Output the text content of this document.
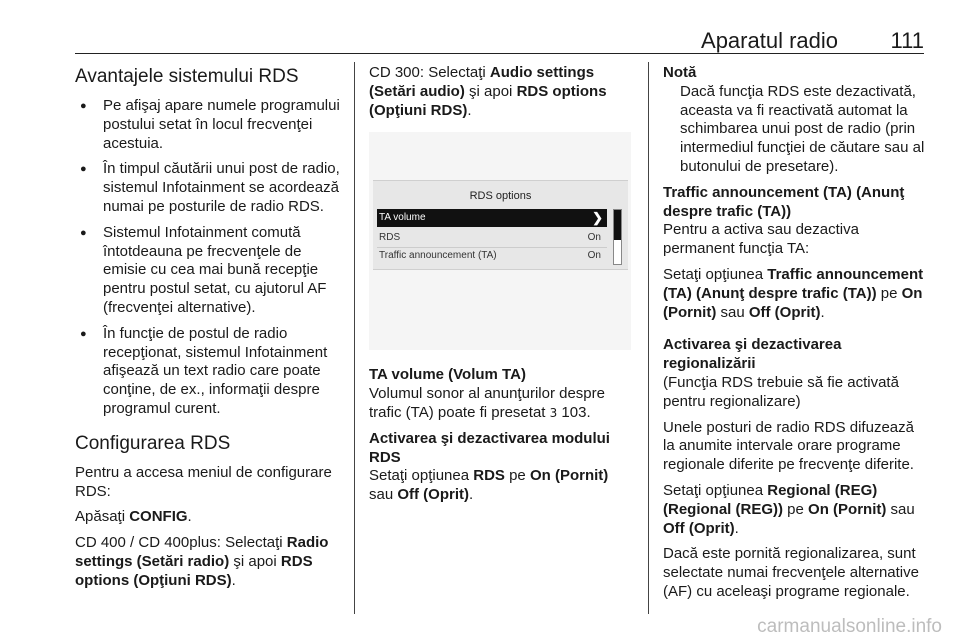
Aparatul radio 111
Avantajele sistemului RDS
● Pe afişaj apare numele programului postului setat în locul frecvenţei acestuia.
● În timpul căutării unui post de radio, sistemul Infotainment se acordează numai pe posturile de radio RDS.
● Sistemul Infotainment comută întotdeauna pe frecvenţele de emisie cu cea mai bună recepţie pentru postul setat, cu ajutorul AF (frecvenţei alternative).
● În funcţie de postul de radio recepţionat, sistemul Infotainment afişează un text radio care poate conţine, de ex., informaţii despre programul curent.
Configurarea RDS

Pentru a accesa meniul de configurare RDS:

Apăsaţi CONFIG.

CD 400 / CD 400plus: Selectaţi Radio settings (Setări radio) şi apoi RDS options (Opţiuni RDS).

CD 300: Selectaţi Audio settings (Setări audio) şi apoi RDS options (Opţiuni RDS).

RDS options
TA volume	❯
RDS	On
Traffic announcement (TA)	On

TA volume (Volum TA)

Volumul sonor al anunţurilor despre trafic (TA) poate fi presetat 3 103.

Activarea şi dezactivarea modului RDS

Setaţi opţiunea RDS pe On (Pornit) sau Off (Oprit).

Notă

Dacă funcţia RDS este dezactivată, aceasta va fi reactivată automat la schimbarea unui post de radio (prin intermediul funcţiei de căutare sau al butonului de presetare).

Traffic announcement (TA) (Anunţ despre trafic (TA))

Pentru a activa sau dezactiva permanent funcţia TA:

Setaţi opţiunea Traffic announcement (TA) (Anunţ despre trafic (TA)) pe On (Pornit) sau Off (Oprit).

Activarea şi dezactivarea regionalizării

(Funcţia RDS trebuie să fie activată pentru regionalizare)

Unele posturi de radio RDS difuzează la anumite intervale orare programe regionale diferite pe frecvenţe diferite.

Setaţi opţiunea Regional (REG) (Regional (REG)) pe On (Pornit) sau Off (Oprit).

Dacă este pornită regionalizarea, sunt selectate numai frecvenţele alternative (AF) cu aceleaşi programe regionale.

carmanualsonline.info
